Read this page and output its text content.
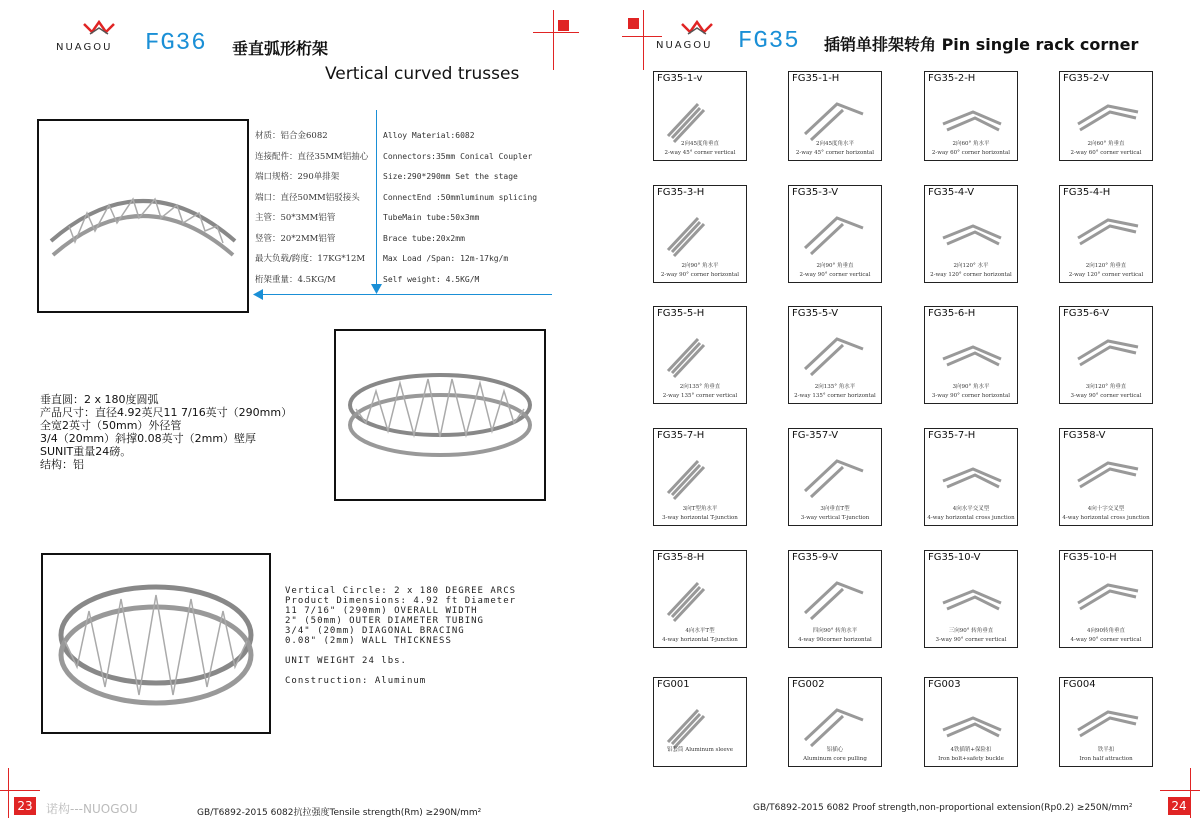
NUAGOU FG36 垂直弧形桁架
Vertical curved trusses
材质：铝合金6082
连接配件：直径35MM铝抽心
端口规格：290单排架
端口：直径50MM铝驳接头
主管：50*3MM铝管
竖管：20*2MM铝管
最大负载/跨度：17KG*12M
桁架重量：4.5KG/M
Alloy Material:6082
Connectors:35mm Conical Coupler
Size:290*290mm Set the stage
ConnectEnd :50mmluminum splicing
TubeMain tube:50x3mm
Brace tube:20x2mm
Max Load /Span: 12m-17kg/m
Self weight: 4.5KG/M
垂直圆：2 x 180度圆弧
产品尺寸：直径4.92英尺11 7/16英寸（290mm）
全宽2英寸（50mm）外径管
3/4（20mm）斜撑0.08英寸（2mm）壁厚
SUNIT重量24磅。
结构：铝
Vertical Circle: 2 x 180 DEGREE ARCS
Product Dimensions: 4.92 ft Diameter
11 7/16" (290mm) OVERALL WIDTH
2" (50mm) OUTER DIAMETER TUBING
3/4" (20mm) DIAGONAL BRACING
0.08" (2mm) WALL THICKNESS
UNIT WEIGHT 24 lbs.
Construction: Aluminum
23 诺构---NUOGOU	GB/T6892-2015 6082抗拉强度Tensile strength(Rm) ≥290N/mm²
NUAGOU FG35 插销单排架转角 Pin single rack corner
FG35-1-v
2向45度角垂直
2-way 45° corner vertical
FG35-1-H
2向45度角水平
2-way 45° corner horizontal
FG35-2-H
2向60° 角水平
2-way 60° corner horizontal
FG35-2-V
2向60° 角垂直
2-way 60° corner vertical
FG35-3-H
2向90° 角水平
2-way 90° corner horizontal
FG35-3-V
2向90° 角垂直
2-way 90° corner vertical
FG35-4-V
2向120° 水平
2-way 120° corner horizontal
FG35-4-H
2向120° 角垂直
2-way 120° corner vertical
FG35-5-H
2向135° 角垂直
2-way 135° corner vertical
FG35-5-V
2向135° 角水平
2-way 135° corner horizontal
FG35-6-H
3向90° 角水平
3-way 90° corner horizontal
FG35-6-V
3向120° 角垂直
3-way 90° corner vertical
FG35-7-H
3向T型角水平
3-way horizontal T-junction
FG-357-V
3向垂直T型
3-way vertical T-junction
FG35-7-H
4向水平交叉型
4-way horizontal cross junction
FG358-V
4向十字交叉型
4-way horizontal cross junction
FG35-8-H
4向水平T型
4-way horizontal T-junction
FG35-9-V
四向90° 转角水平
4-way 90corner horizontal
FG35-10-V
三向90° 转角垂直
3-way 90° corner vertical
FG35-10-H
4向90转角垂直
4-way 90° corner vertical
FG001
铝套筒 Aluminum sleeve
FG002
铝插心
Aluminum core pulling
FG003
4铁插销+保险扣
Iron bolt+safety buckle
FG004
铁半扣
Iron half attraction
GB/T6892-2015 6082 Proof strength,non-proportional extension(Rp0.2) ≥250N/mm²	24
